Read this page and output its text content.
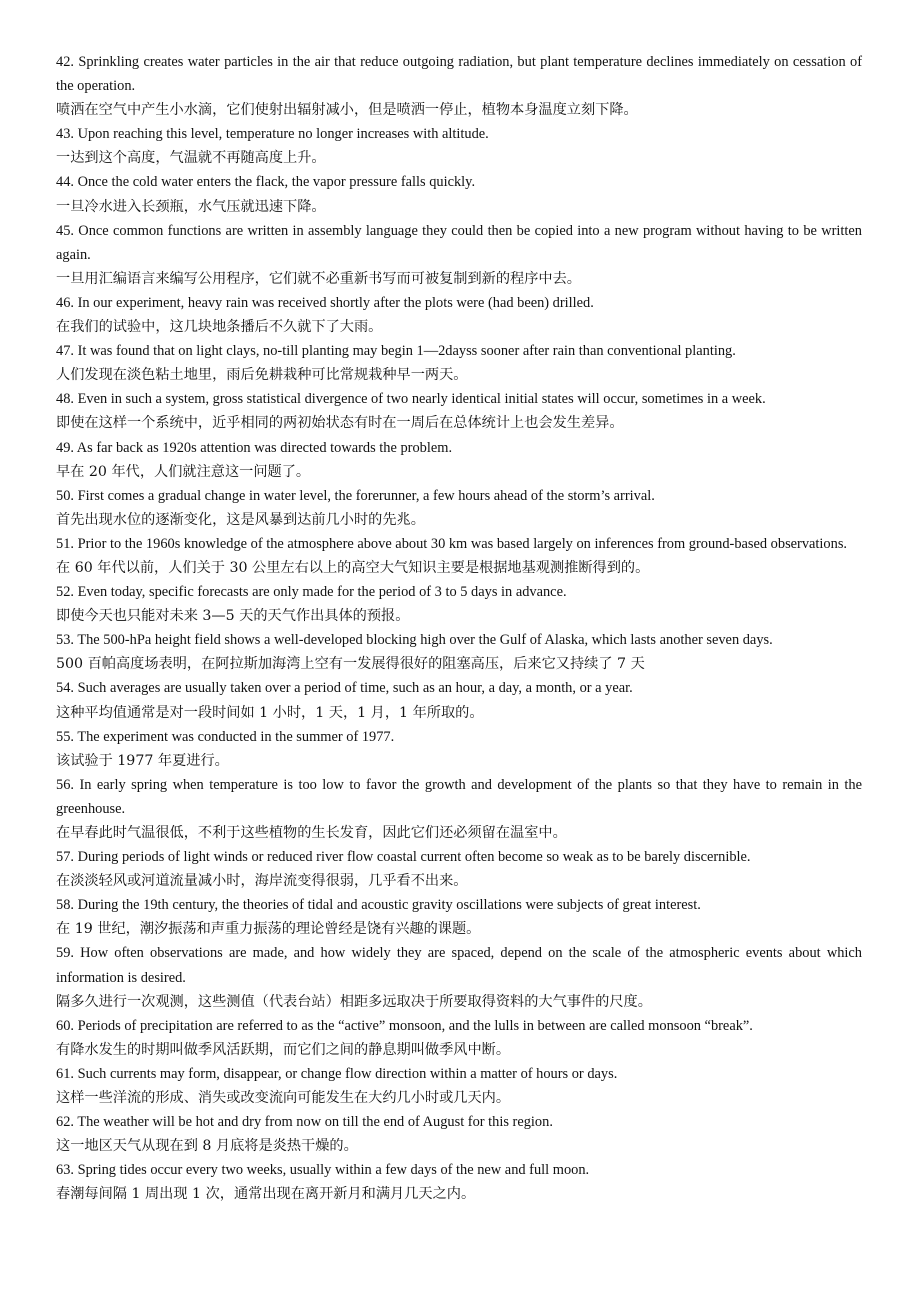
42. Sprinkling creates water particles in the air that reduce outgoing radiation, but plant temperature declines immediately on cessation of the operation.
喷洒在空气中产生小水滴，它们使射出辐射减小，但是喷洒一停止，植物本身温度立刻下降。
43. Upon reaching this level, temperature no longer increases with altitude.
一达到这个高度，气温就不再随高度上升。
44. Once the cold water enters the flack, the vapor pressure falls quickly.
一旦冷水进入长颈瓶，水气压就迅速下降。
45. Once common functions are written in assembly language they could then be copied into a new program without having to be written again.
一旦用汇编语言来编写公用程序，它们就不必重新书写而可被复制到新的程序中去。
46. In our experiment, heavy rain was received shortly after the plots were (had been) drilled.
在我们的试验中，这几块地条播后不久就下了大雨。
47. It was found that on light clays, no-till planting may begin 1—2dayss sooner after rain than conventional planting.
人们发现在淡色粘土地里，雨后免耕栽种可比常规栽种早一两天。
48. Even in such a system, gross statistical divergence of two nearly identical initial states will occur, sometimes in a week.
即使在这样一个系统中，近乎相同的两初始状态有时在一周后在总体统计上也会发生差异。
49. As far back as 1920s attention was directed towards the problem.
早在 20 年代，人们就注意这一问题了。
50. First comes a gradual change in water level, the forerunner, a few hours ahead of the storm’s arrival.
首先出现水位的逐渐变化，这是风暴到达前几小时的先兆。
51. Prior to the 1960s knowledge of the atmosphere above about 30 km was based largely on inferences from ground-based observations.
在 60 年代以前，人们关于 30 公里左右以上的高空大气知识主要是根据地基观测推断得到的。
52. Even today, specific forecasts are only made for the period of 3 to 5 days in advance.
即使今天也只能对未来 3—5 天的天气作出具体的预报。
53. The 500-hPa height field shows a well-developed blocking high over the Gulf of Alaska, which lasts another seven days.
500 百帕高度场表明，在阿拉斯加海湾上空有一发展得很好的阻塞高压，后来它又持续了 7 天
54. Such averages are usually taken over a period of time, such as an hour, a day, a month, or a year.
这种平均值通常是对一段时间如 1 小时，1 天，1 月，1 年所取的。
55. The experiment was conducted in the summer of 1977.
该试验于 1977 年夏进行。
56. In early spring when temperature is too low to favor the growth and development of the plants so that they have to remain in the greenhouse.
在早春此时气温很低，不利于这些植物的生长发育，因此它们还必须留在温室中。
57. During periods of light winds or reduced river flow coastal current often become so weak as to be barely discernible.
在淡淡轻风或河道流量减小时，海岸流变得很弱，几乎看不出来。
58. During the 19th century, the theories of tidal and acoustic gravity oscillations were subjects of great interest.
在 19 世纪，潮汐振荡和声重力振荡的理论曾经是饶有兴趣的课题。
59. How often observations are made, and how widely they are spaced, depend on the scale of the atmospheric events about which information is desired.
隔多久进行一次观测，这些测值（代表台站）相距多远取决于所要取得资料的大气事件的尺度。
60. Periods of precipitation are referred to as the “active” monsoon, and the lulls in between are called monsoon “break”.
有降水发生的时期叫做季风活跃期，而它们之间的静息期叫做季风中断。
61. Such currents may form, disappear, or change flow direction within a matter of hours or days.
这样一些洋流的形成、消失或改变流向可能发生在大约几小时或几天内。
62. The weather will be hot and dry from now on till the end of August for this region.
这一地区天气从现在到 8 月底将是炎热干燥的。
63. Spring tides occur every two weeks, usually within a few days of the new and full moon.
春潮每间隔 1 周出现 1 次，通常出现在离开新月和满月几天之内。
